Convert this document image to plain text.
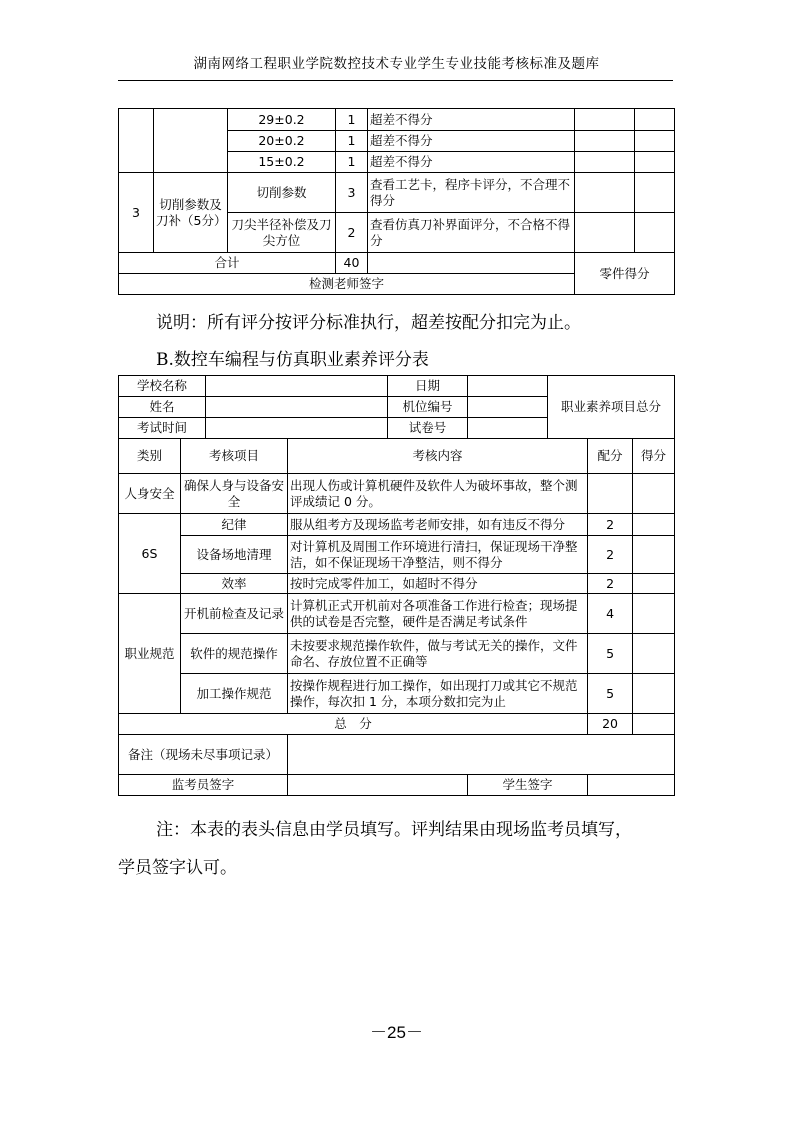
湖南网络工程职业学院数控技术专业学生专业技能考核标准及题库
		29±0.2	1	超差不得分		
		20±0.2	1	超差不得分		
		15±0.2	1	超差不得分		
3	切削参数及刀补（5分）	切削参数	3	查看工艺卡，程序卡评分，不合理不得分		
		刀尖半径补偿及刀尖方位	2	查看仿真刀补界面评分，不合格不得分		
合计			40		零件得分	
检测老师签字						
说明：所有评分按评分标准执行，超差按配分扣完为止。
B.数控车编程与仿真职业素养评分表
学校名称				日期		职业素养项目总分		
姓名				机位编号				
考试时间				试卷号				
类别	考核项目		考核内容				配分	得分
人身安全	确保人身与设备安全		出现人伤或计算机硬件及软件人为破坏事故，整个测评成绩记 0 分。					
6S	纪律		服从组考方及现场监考老师安排，如有违反不得分				2	
	设备场地清理		对计算机及周围工作环境进行清扫，保证现场干净整洁，如不保证现场干净整洁，则不得分				2	
	效率		按时完成零件加工，如超时不得分				2	
职业规范	开机前检查及记录		计算机正式开机前对各项准备工作进行检查；现场提供的试卷是否完整，硬件是否满足考试条件				4	
	软件的规范操作		未按要求规范操作软件，做与考试无关的操作，文件命名、存放位置不正确等				5	
	加工操作规范		按操作规程进行加工操作，如出现打刀或其它不规范操作，每次扣 1 分，本项分数扣完为止				5	
总　分							20	
备注（现场未尽事项记录）								
监考员签字					学生签字			
注：本表的表头信息由学员填写。评判结果由现场监考员填写，
学员签字认可。
－25－
